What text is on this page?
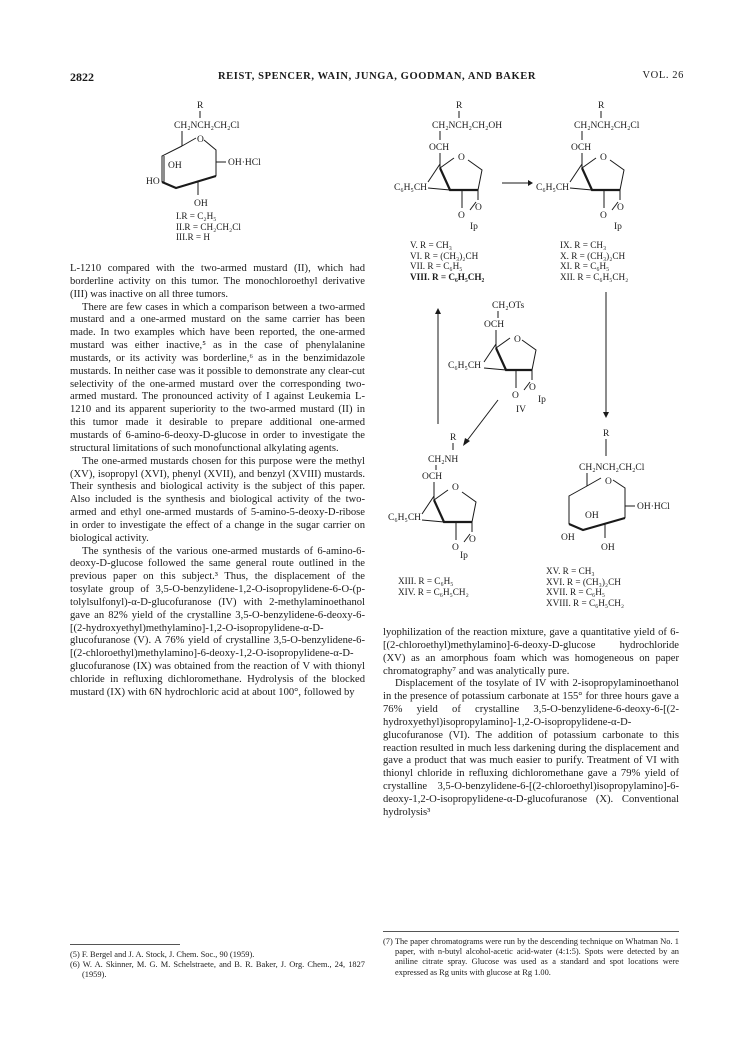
2822	REIST, SPENCER, WAIN, JUNGA, GOODMAN, AND BAKER	VOL. 26
R
CH₂NCH₂CH₂Cl
O
OH	OH·HCl
HO
OH
I.R = C₂H₅
II.R = CH₂CH₂Cl
III.R = H
R
CH₂NCH₂CH₂OH
OCH
O
C₆H₅CH
O
O
Ip
V. R = CH₃
VI. R = (CH₃)₂CH
VII. R = C₆H₅
VIII. R = C₆H₅CH₂
R
CH₂NCH₂CH₂Cl
OCH
O
C₆H₅CH
O
O
Ip
IX. R = CH₃
X. R = (CH₃)₂CH
XI. R = C₆H₅
XII. R = C₆H₅CH₂
CH₂OTs
OCH
O
C₆H₅CH
O
O Ip
IV
R
CH₂NH
OCH
O
C₆H₅CH
O
O
Ip
XIII. R = C₆H₅
XIV. R = C₆H₅CH₂
R
CH₂NCH₂CH₂Cl
O
OH
OH·HCl
OH
OH
XV. R = CH₃
XVI. R = (CH₃)₂CH
XVII. R = C₆H₅
XVIII. R = C₆H₅CH₂

L-1210 compared with the two-armed mustard (II), which had borderline activity on this tumor. The monochloroethyl derivative (III) was inactive on all three tumors.

There are few cases in which a comparison between a two-armed mustard and a one-armed mustard on the same carrier has been made. In two examples which have been reported, the one-armed mustard was either inactive,⁵ as in the case of phenylalanine mustards, or its activity was borderline,⁶ as in the benzimidazole mustards. In neither case was it possible to demonstrate any clear-cut selectivity of the one-armed mustard over the corresponding two-armed mustard. The pronounced activity of I against Leukemia L-1210 and its apparent superiority to the two-armed mustard (II) in this tumor made it desirable to prepare additional one-armed mustards of 6-amino-6-deoxy-D-glucose in order to investigate the structural limitations of such monofunctional alkylating agents.

The one-armed mustards chosen for this purpose were the methyl (XV), isopropyl (XVI), phenyl (XVII), and benzyl (XVIII) mustards. Their synthesis and biological activity is the subject of this paper. Also included is the synthesis and biological activity of the two-armed and ethyl one-armed mustards of 5-amino-5-deoxy-D-ribose in order to investigate the effect of a change in the sugar carrier on biological activity.

The synthesis of the various one-armed mustards of 6-amino-6-deoxy-D-glucose followed the same general route outlined in the previous paper on this subject.³ Thus, the displacement of the tosylate group of 3,5-O-benzylidene-1,2-O-isopropylidene-6-O-(p-tolylsulfonyl)-α-D-glucofuranose (IV) with 2-methylaminoethanol gave an 82% yield of the crystalline 3,5-O-benzylidene-6-deoxy-6-[(2-hydroxyethyl)methylamino]-1,2-O-isopropylidene-α-D-glucofuranose (V). A 76% yield of crystalline 3,5-O-benzylidene-6-[(2-chloroethyl)methylamino]-6-deoxy-1,2-O-isopropylidene-α-D-glucofuranose (IX) was obtained from the reaction of V with thionyl chloride in refluxing dichloromethane. Hydrolysis of the blocked mustard (IX) with 6N hydrochloric acid at about 100°, followed by

lyophilization of the reaction mixture, gave a quantitative yield of 6-[(2-chloroethyl)methylamino]-6-deoxy-D-glucose hydrochloride (XV) as an amorphous foam which was homogeneous on paper chromatography⁷ and was analytically pure.

Displacement of the tosylate of IV with 2-isopropylaminoethanol in the presence of potassium carbonate at 155° for three hours gave a 76% yield of crystalline 3,5-O-benzylidene-6-deoxy-6-[(2-hydroxyethyl)isopropylamino]-1,2-O-isopropylidene-α-D-glucofuranose (VI). The addition of potassium carbonate to this reaction resulted in much less darkening during the displacement and gave a product that was much easier to purify. Treatment of VI with thionyl chloride in refluxing dichloromethane gave a 79% yield of crystalline 3,5-O-benzylidene-6-[(2-chloroethyl)isopropylamino]-6-deoxy-1,2-O-isopropylidene-α-D-glucofuranose (X). Conventional hydrolysis³

(5) F. Bergel and J. A. Stock, J. Chem. Soc., 90 (1959).

(6) W. A. Skinner, M. G. M. Schelstraete, and B. R. Baker, J. Org. Chem., 24, 1827 (1959).

(7) The paper chromatograms were run by the descending technique on Whatman No. 1 paper, with n-butyl alcohol-acetic acid-water (4:1:5). Spots were detected by an aniline citrate spray. Glucose was used as a standard and spot locations were expressed as Rg units with glucose at Rg 1.00.
